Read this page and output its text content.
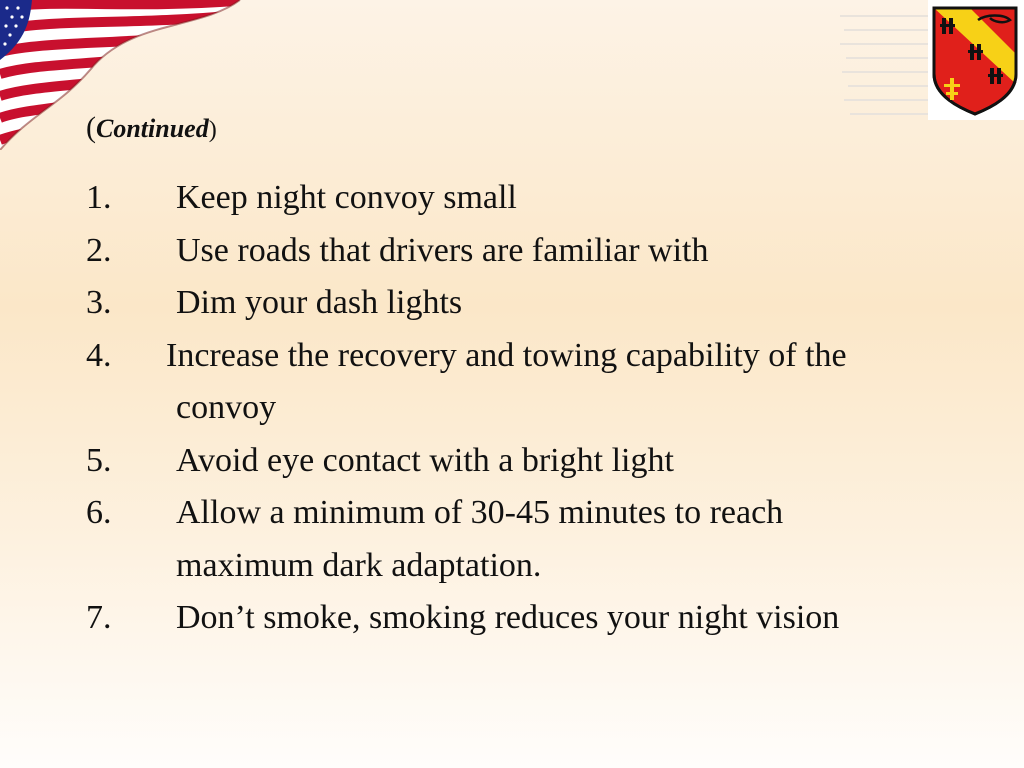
(Continued)
1.	Keep night convoy small
2.	Use roads that drivers are familiar with
3.	Dim your dash lights
4.	Increase the recovery and towing capability of the
convoy
5.	Avoid eye contact with a bright light
6.	Allow a minimum of 30-45 minutes to reach
maximum dark adaptation.
7.	Don’t smoke, smoking reduces your night vision
